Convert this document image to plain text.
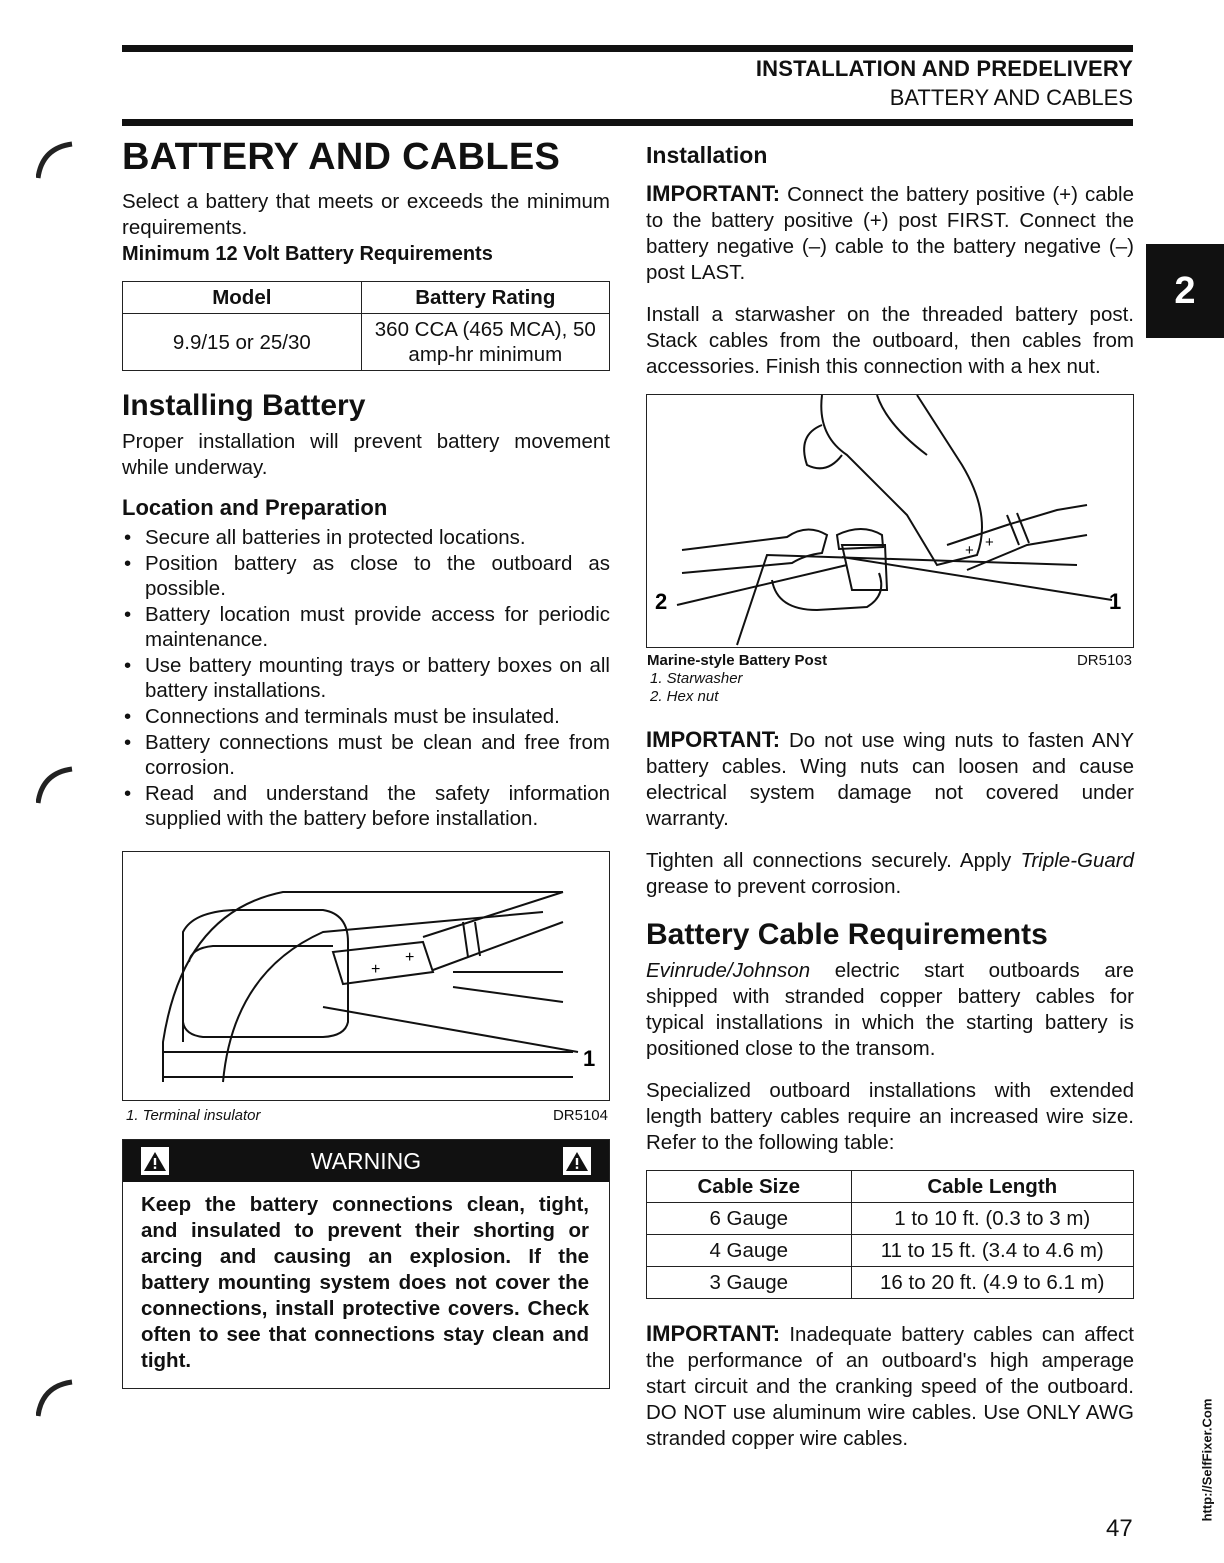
INSTALLATION AND PREDELIVERY
BATTERY AND CABLES
2
BATTERY AND CABLES

Select a battery that meets or exceeds the minimum requirements.

Minimum 12 Volt Battery Requirements
Model	Battery Rating
9.9/15 or 25/30	360 CCA (465 MCA), 50 amp-hr minimum
Installing Battery

Proper installation will prevent battery movement while underway.

Location and Preparation
• Secure all batteries in protected locations.
• Position battery as close to the outboard as possible.
• Battery location must provide access for periodic maintenance.
• Use battery mounting trays or battery boxes on all battery installations.
• Connections and terminals must be insulated.
• Battery connections must be clean and free from corrosion.
• Read and understand the safety information supplied with the battery before installation.
+
+
1
1. Terminal insulator	DR5104
WARNING
Keep the battery connections clean, tight, and insulated to prevent their shorting or arcing and causing an explosion. If the battery mounting system does not cover the connections, install protective covers. Check often to see that connections stay clean and tight.
Installation

IMPORTANT: Connect the battery positive (+) cable to the battery positive (+) post FIRST. Connect the battery negative (–) cable to the battery negative (–) post LAST.

Install a starwasher on the threaded battery post. Stack cables from the outboard, then cables from accessories. Finish this connection with a hex nut.

+ +
2	1
Marine-style Battery Post	DR5103
1. Starwasher
2. Hex nut

IMPORTANT: Do not use wing nuts to fasten ANY battery cables. Wing nuts can loosen and cause electrical system damage not covered under warranty.

Tighten all connections securely. Apply Triple-Guard grease to prevent corrosion.

Battery Cable Requirements

Evinrude/Johnson electric start outboards are shipped with stranded copper battery cables for typical installations in which the starting battery is positioned close to the transom.

Specialized outboard installations with extended length battery cables require an increased wire size. Refer to the following table:

Cable Size	Cable Length
6 Gauge	1 to 10 ft. (0.3 to 3 m)
4 Gauge	11 to 15 ft. (3.4 to 4.6 m)
3 Gauge	16 to 20 ft. (4.9 to 6.1 m)

IMPORTANT: Inadequate battery cables can affect the performance of an outboard's high amperage start circuit and the cranking speed of the outboard. DO NOT use aluminum wire cables. Use ONLY AWG stranded copper wire cables.	http://SelfFixer.Com
47
